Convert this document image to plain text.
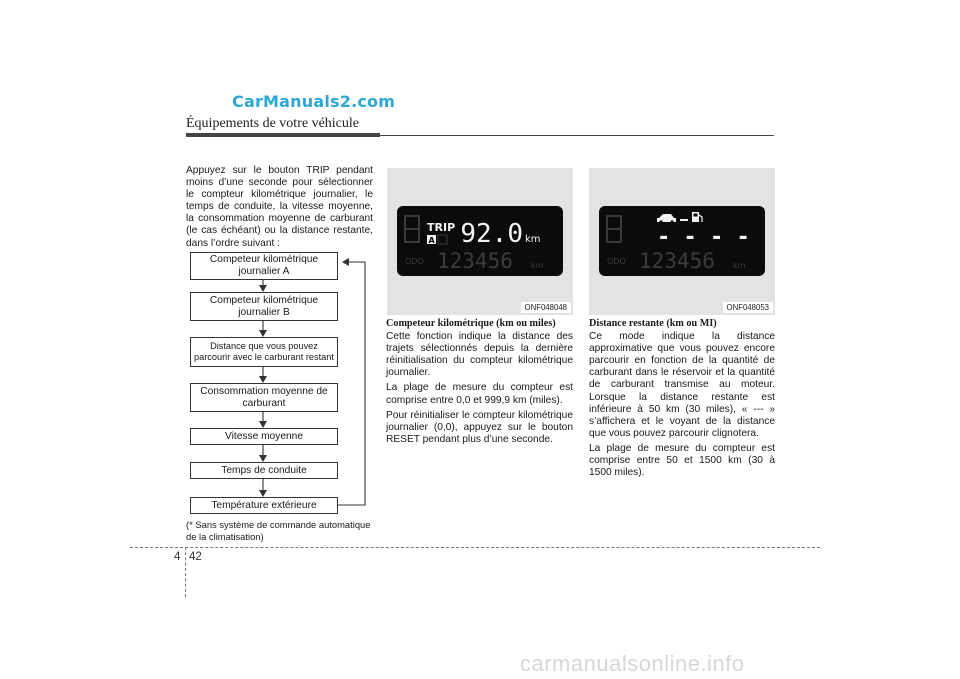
CarManuals2.com
Équipements de votre véhicule
Appuyez sur le bouton TRIP pendant moins d’une seconde pour sélectionner le compteur kilométrique journalier, le temps de conduite, la vitesse moyenne, la consommation moyenne de carburant (le cas échéant) ou la distance restante, dans l’ordre suivant :
Competeur kilométrique
journalier A
Competeur kilométrique
journalier B
Distance que vous pouvez
parcourir avec le carburant restant
Consommation moyenne de
carburant
Vitesse moyenne
Temps de conduite
Température extérieure
(* Sans système de commande automatique de la climatisation)
TRIP
A 92.0 km
ODO 123456 km
ONF048048
- - - -
ODO 123456 km
ONF048053
Competeur kilométrique (km ou miles)

Cette fonction indique la distance des trajets sélectionnés depuis la dernière réinitialisation du compteur kilométrique journalier.

La plage de mesure du compteur est comprise entre 0,0 et 999,9 km (miles).

Pour réinitialiser le compteur kilométrique journalier (0,0), appuyez sur le bouton RESET pendant plus d’une seconde.

Distance restante (km ou MI)

Ce mode indique la distance approximative que vous pouvez encore parcourir en fonction de la quantité de carburant dans le réservoir et la quantité de carburant transmise au moteur. Lorsque la distance restante est inférieure à 50 km (30 miles), « --- » s’affichera et le voyant de la distance que vous pouvez parcourir clignotera.

La plage de mesure du compteur est comprise entre 50 et 1500 km (30 à 1500 miles).

4 42
carmanualsonline.info
